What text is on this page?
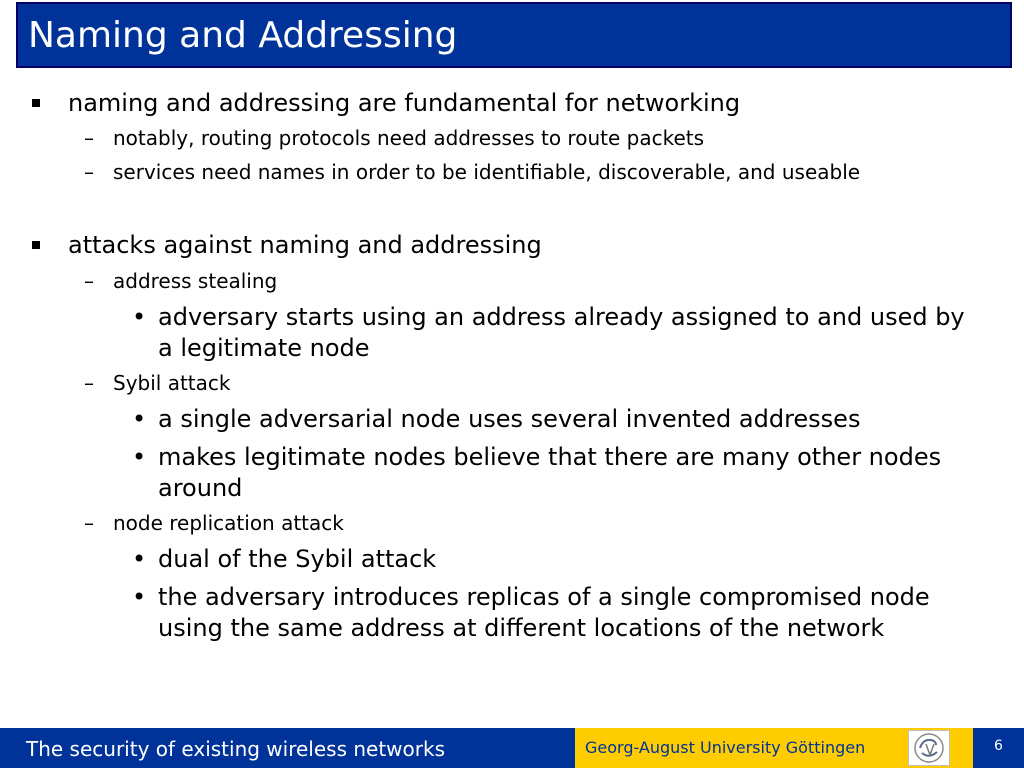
Naming and Addressing
naming and addressing are fundamental for networking
– notably, routing protocols need addresses to route packets
– services need names in order to be identifiable, discoverable, and useable
attacks against naming and addressing
– address stealing
• adversary starts using an address already assigned to and used by
a legitimate node
– Sybil attack
• a single adversarial node uses several invented addresses
• makes legitimate nodes believe that there are many other nodes
around
– node replication attack
• dual of the Sybil attack
• the adversary introduces replicas of a single compromised node
using the same address at different locations of the network
The security of existing wireless networks	Georg-August University Göttingen	6
